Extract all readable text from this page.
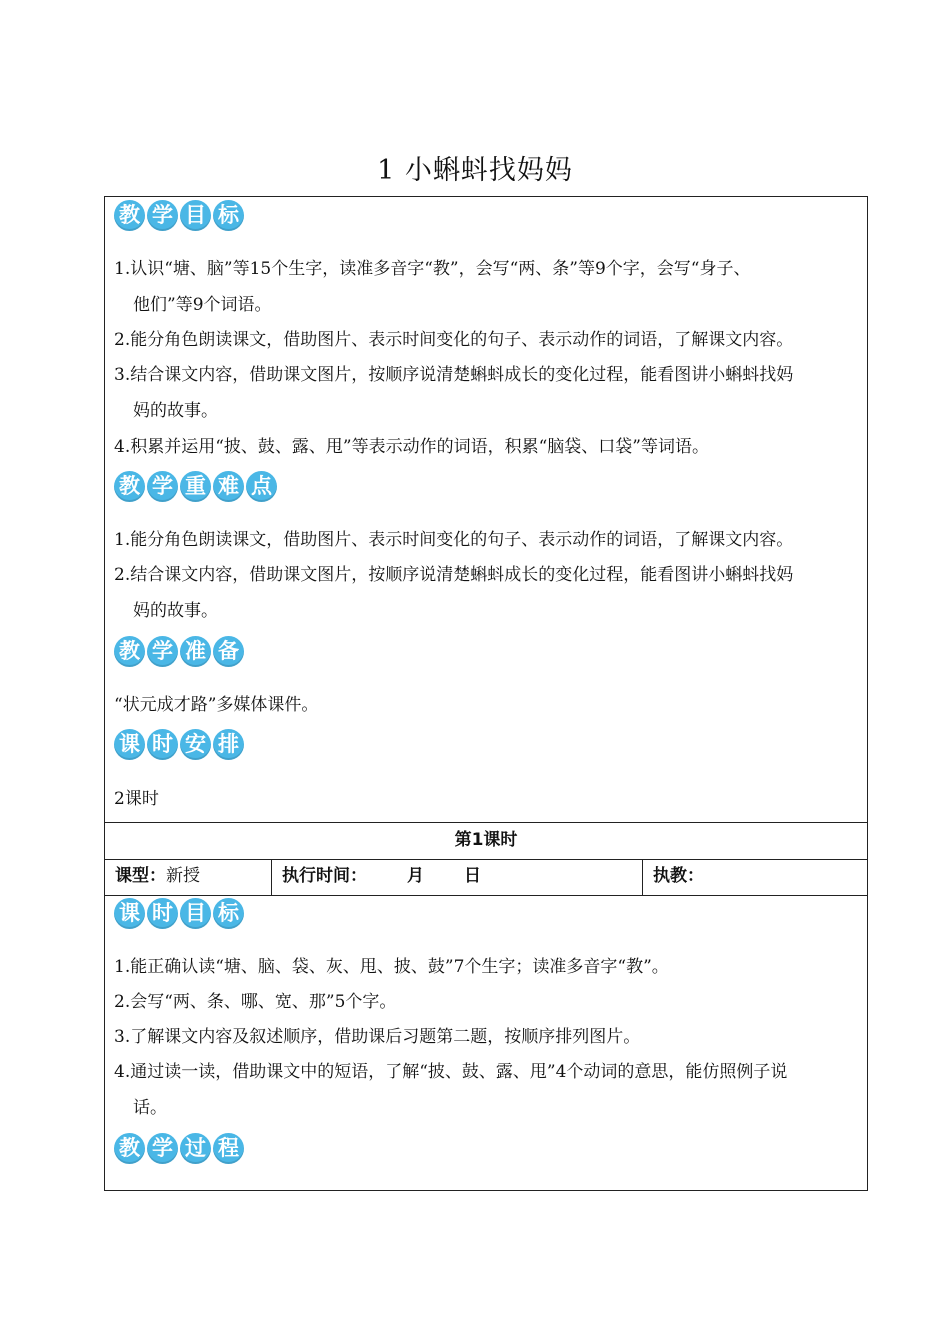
1 小蝌蚪找妈妈
教 学 目 标
1.认识“塘、脑”等15个生字，读准多音字“教”，会写“两、条”等9个字，会写“身子、
他们”等9个词语。
2.能分角色朗读课文，借助图片、表示时间变化的句子、表示动作的词语，了解课文内容。
3.结合课文内容，借助课文图片，按顺序说清楚蝌蚪成长的变化过程，能看图讲小蝌蚪找妈
妈的故事。
4.积累并运用“披、鼓、露、甩”等表示动作的词语，积累“脑袋、口袋”等词语。
教 学 重 难 点
1.能分角色朗读课文，借助图片、表示时间变化的句子、表示动作的词语，了解课文内容。
2.结合课文内容，借助课文图片，按顺序说清楚蝌蚪成长的变化过程，能看图讲小蝌蚪找妈
妈的故事。
教 学 准 备
“状元成才路”多媒体课件。
课 时 安 排
2课时
第1课时
课型：新授	执行时间： 月 日	执教：
课 时 目 标
1.能正确认读“塘、脑、袋、灰、甩、披、鼓”7个生字；读准多音字“教”。
2.会写“两、条、哪、宽、那”5个字。
3.了解课文内容及叙述顺序，借助课后习题第二题，按顺序排列图片。
4.通过读一读，借助课文中的短语，了解“披、鼓、露、甩”4个动词的意思，能仿照例子说
话。
教 学 过 程
